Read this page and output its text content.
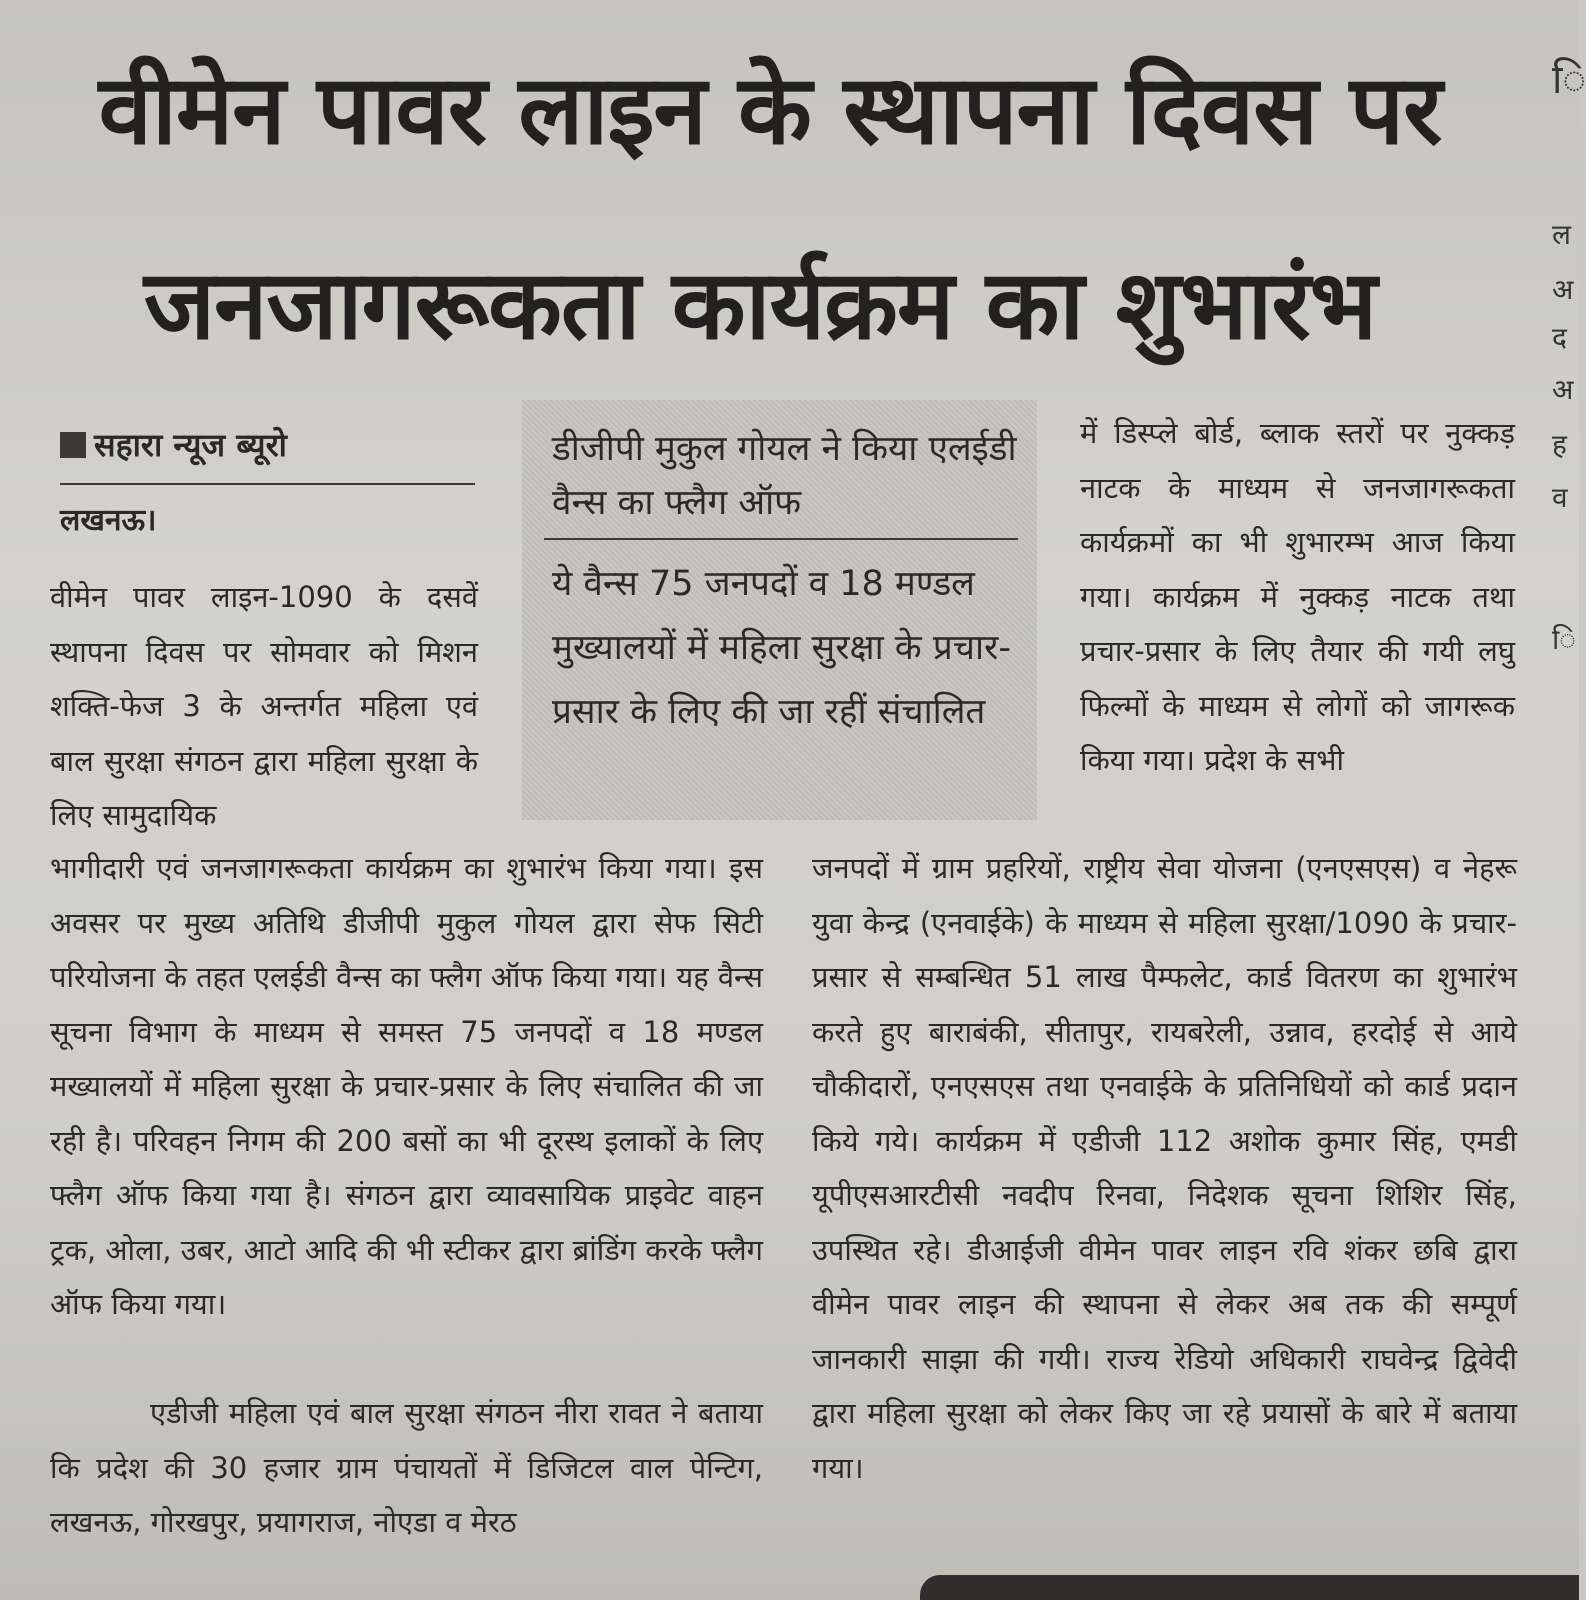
वीमेन पावर लाइन के स्थापना दिवस पर
जनजागरूकता कार्यक्रम का शुभारंभ
सहारा न्यूज ब्यूरो
लखनऊ।

वीमेन पावर लाइन-1090 के दसवें स्थापना दिवस पर सोमवार को मिशन शक्ति-फेज 3 के अन्तर्गत महिला एवं बाल सुरक्षा संगठन द्वारा महिला सुरक्षा के लिए सामुदायिक

डीजीपी मुकुल गोयल ने किया एलईडी वैन्स का फ्लैग ऑफ
ये वैन्स 75 जनपदों व 18 मण्डल मुख्यालयों में महिला सुरक्षा के प्रचार-प्रसार के लिए की जा रहीं संचालित

में डिस्प्ले बोर्ड, ब्लाक स्तरों पर नुक्कड़ नाटक के माध्यम से जनजागरूकता कार्यक्रमों का भी शुभारम्भ आज किया गया। कार्यक्रम में नुक्कड़ नाटक तथा प्रचार-प्रसार के लिए तैयार की गयी लघु फिल्मों के माध्यम से लोगों को जागरूक किया गया। प्रदेश के सभी

भागीदारी एवं जनजागरूकता कार्यक्रम का शुभारंभ किया गया। इस अवसर पर मुख्य अतिथि डीजीपी मुकुल गोयल द्वारा सेफ सिटी परियोजना के तहत एलईडी वैन्स का फ्लैग ऑफ किया गया। यह वैन्स सूचना विभाग के माध्यम से समस्त 75 जनपदों व 18 मण्डल मख्यालयों में महिला सुरक्षा के प्रचार-प्रसार के लिए संचालित की जा रही है। परिवहन निगम की 200 बसों का भी दूरस्थ इलाकों के लिए फ्लैग ऑफ किया गया है। संगठन द्वारा व्यावसायिक प्राइवेट वाहन ट्रक, ओला, उबर, आटो आदि की भी स्टीकर द्वारा ब्रांडिंग करके फ्लैग ऑफ किया गया।

एडीजी महिला एवं बाल सुरक्षा संगठन नीरा रावत ने बताया कि प्रदेश की 30 हजार ग्राम पंचायतों में डिजिटल वाल पेन्टिग, लखनऊ, गोरखपुर, प्रयागराज, नोएडा व मेरठ

जनपदों में ग्राम प्रहरियों, राष्ट्रीय सेवा योजना (एनएसएस) व नेहरू युवा केन्द्र (एनवाईके) के माध्यम से महिला सुरक्षा/1090 के प्रचार-प्रसार से सम्बन्धित 51 लाख पैम्फलेट, कार्ड वितरण का शुभारंभ करते हुए बाराबंकी, सीतापुर, रायबरेली, उन्नाव, हरदोई से आये चौकीदारों, एनएसएस तथा एनवाईके के प्रतिनिधियों को कार्ड प्रदान किये गये। कार्यक्रम में एडीजी 112 अशोक कुमार सिंह, एमडी यूपीएसआरटीसी नवदीप रिनवा, निदेशक सूचना शिशिर सिंह, उपस्थित रहे। डीआईजी वीमेन पावर लाइन रवि शंकर छबि द्वारा वीमेन पावर लाइन की स्थापना से लेकर अब तक की सम्पूर्ण जानकारी साझा की गयी। राज्य रेडियो अधिकारी राघवेन्द्र द्विवेदी द्वारा महिला सुरक्षा को लेकर किए जा रहे प्रयासों के बारे में बताया गया।

ि
ल
अ
द
अ
ह
व
ि
